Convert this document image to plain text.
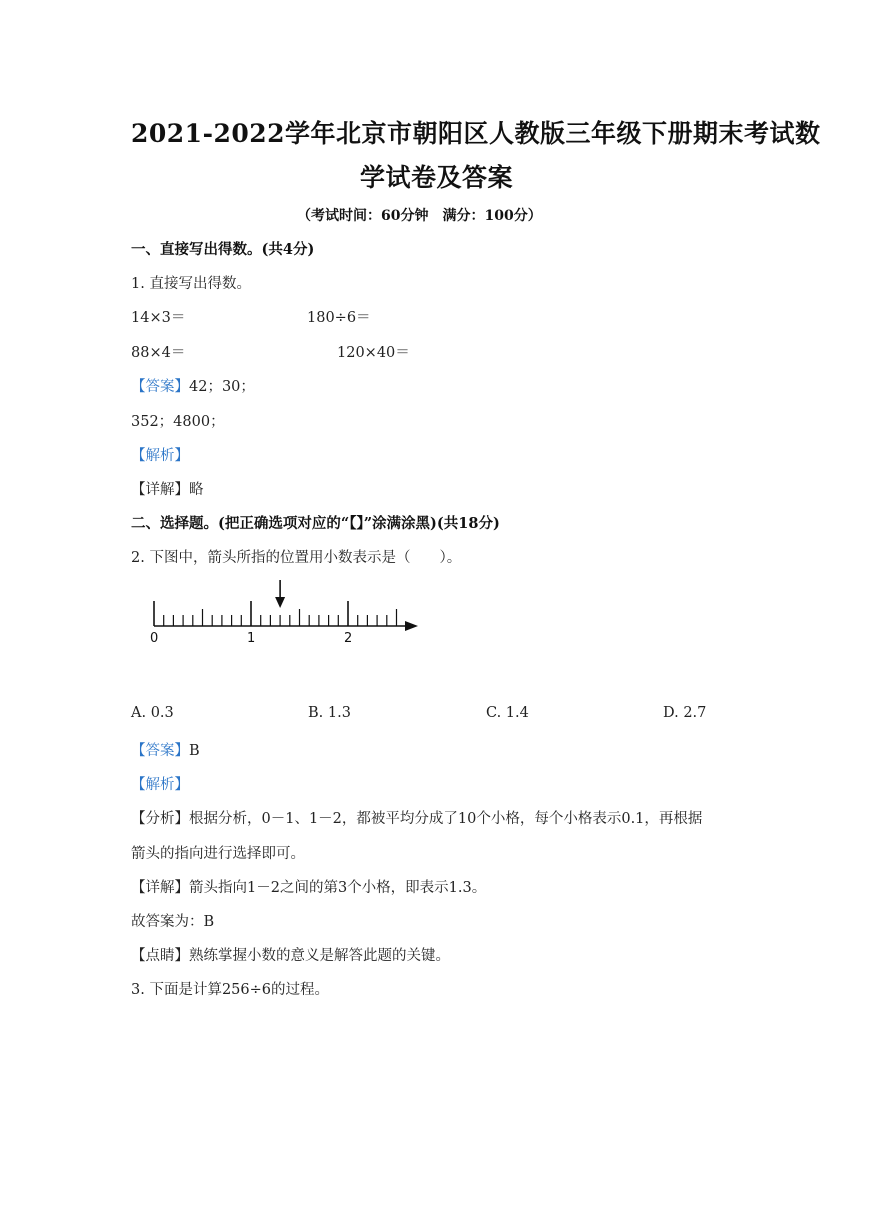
2021-2022学年北京市朝阳区人教版三年级下册期末考试数
学试卷及答案
（考试时间：60分钟　满分：100分）
一、直接写出得数。(共4分)
1. 直接写出得数。
14×3＝	180÷6＝
88×4＝	120×40＝
【答案】42；30；
352；4800；
【解析】
【详解】略
二、选择题。(把正确选项对应的“【】”涂满涂黑)(共18分)
2. 下图中，箭头所指的位置用小数表示是（　　）。
0	1	2
A. 0.3	B. 1.3	C. 1.4	D. 2.7
【答案】B
【解析】
【分析】根据分析，0－1、1－2，都被平均分成了10个小格，每个小格表示0.1，再根据
箭头的指向进行选择即可。
【详解】箭头指向1－2之间的第3个小格，即表示1.3。
故答案为：B
【点睛】熟练掌握小数的意义是解答此题的关键。
3. 下面是计算256÷6的过程。
